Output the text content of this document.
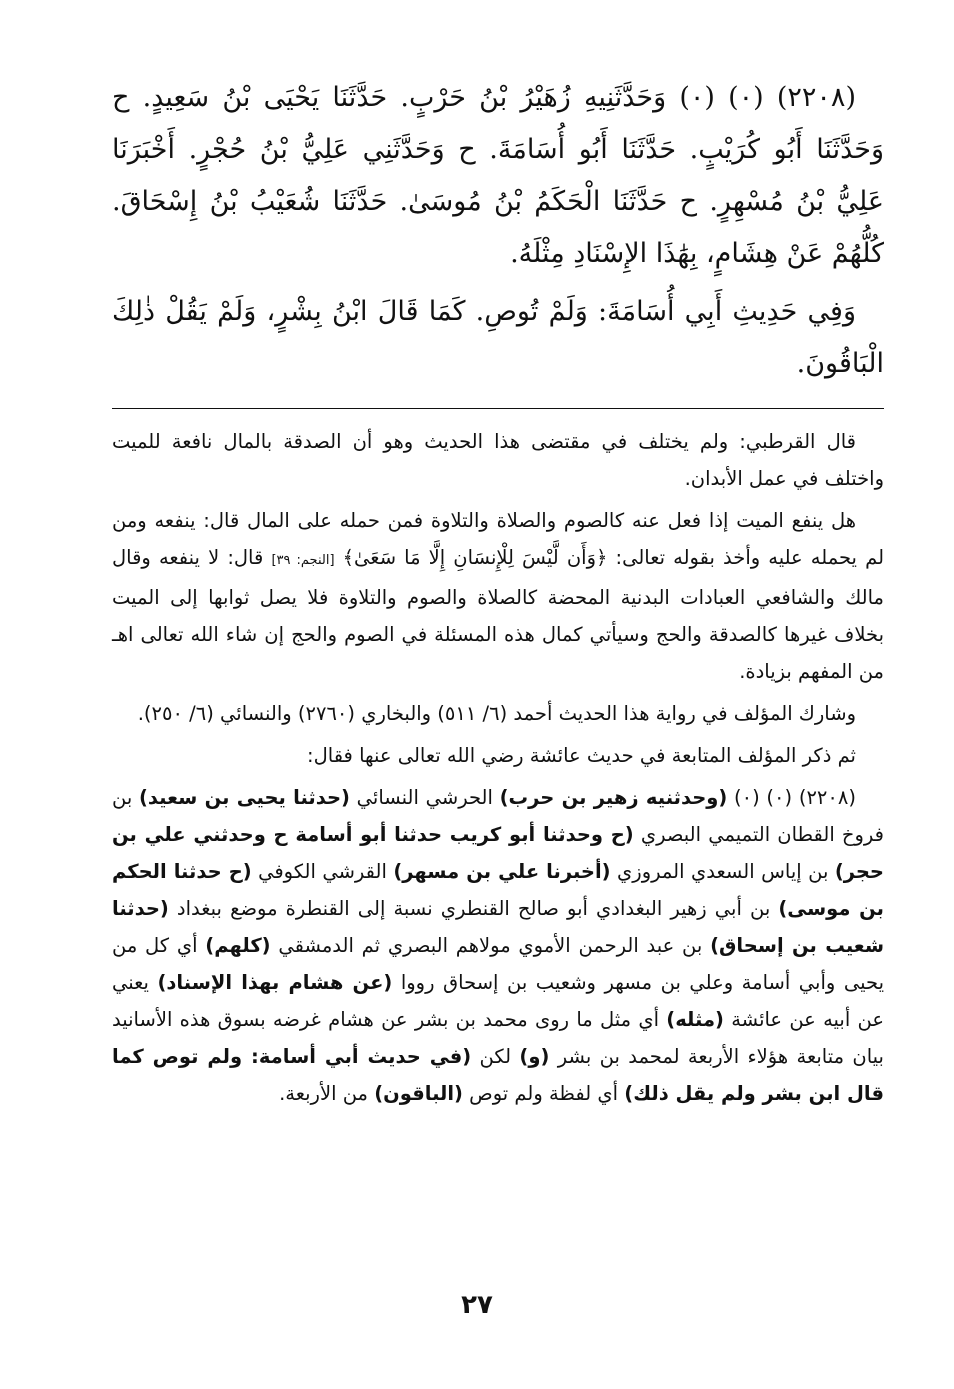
(٢٢٠٨) (٠) (٠) وَحَدَّثَنِيهِ زُهَيْرُ بْنُ حَرْبٍ. حَدَّثَنَا يَحْيَى بْنُ سَعِيدٍ. ح وَحَدَّثَنَا أَبُو كُرَيْبٍ. حَدَّثَنَا أَبُو أُسَامَةَ. ح وَحَدَّثَنِي عَلِيُّ بْنُ حُجْرٍ. أَخْبَرَنَا عَلِيُّ بْنُ مُسْهِرٍ. ح حَدَّثَنَا الْحَكَمُ بْنُ مُوسَىٰ. حَدَّثَنَا شُعَيْبُ بْنُ إِسْحَاقَ. كُلُّهُمْ عَنْ هِشَامٍ، بِهَٰذَا الإِسْنَادِ مِثْلَهُ.

وَفِي حَدِيثِ أَبِي أُسَامَةَ: وَلَمْ تُوصِ. كَمَا قَالَ ابْنُ بِشْرٍ، وَلَمْ يَقُلْ ذٰلِكَ الْبَاقُونَ.

قال القرطبي: ولم يختلف في مقتضى هذا الحديث وهو أن الصدقة بالمال نافعة للميت واختلف في عمل الأبدان.

هل ينفع الميت إذا فعل عنه كالصوم والصلاة والتلاوة فمن حمله على المال قال: ينفعه ومن لم يحمله عليه وأخذ بقوله تعالى: ﴿وَأَن لَّيْسَ لِلْإِنسَانِ إِلَّا مَا سَعَىٰ﴾ [النجم: ٣٩] قال: لا ينفعه وقال مالك والشافعي العبادات البدنية المحضة كالصلاة والصوم والتلاوة فلا يصل ثوابها إلى الميت بخلاف غيرها كالصدقة والحج وسيأتي كمال هذه المسئلة في الصوم والحج إن شاء الله تعالى اهـ من المفهم بزيادة.

وشارك المؤلف في رواية هذا الحديث أحمد (٦/ ٥١١) والبخاري (٢٧٦٠) والنسائي (٦/ ٢٥٠).

ثم ذكر المؤلف المتابعة في حديث عائشة رضي الله تعالى عنها فقال:

(٢٢٠٨) (٠) (٠) (وحدثنيه زهير بن حرب) الحرشي النسائي (حدثنا يحيى بن سعيد) بن فروخ القطان التميمي البصري (ح وحدثنا أبو كريب حدثنا أبو أسامة ح وحدثني علي بن حجر) بن إياس السعدي المروزي (أخبرنا علي بن مسهر) القرشي الكوفي (ح حدثنا الحكم بن موسى) بن أبي زهير البغدادي أبو صالح القنطري نسبة إلى القنطرة موضع ببغداد (حدثنا شعيب بن إسحاق) بن عبد الرحمن الأموي مولاهم البصري ثم الدمشقي (كلهم) أي كل من يحيى وأبي أسامة وعلي بن مسهر وشعيب بن إسحاق رووا (عن هشام بهذا الإسناد) يعني عن أبيه عن عائشة (مثله) أي مثل ما روى محمد بن بشر عن هشام غرضه بسوق هذه الأسانيد بيان متابعة هؤلاء الأربعة لمحمد بن بشر (و) لكن (في حديث أبي أسامة: ولم توص كما قال ابن بشر ولم يقل ذلك) أي لفظة ولم توص (الباقون) من الأربعة.

٢٧
